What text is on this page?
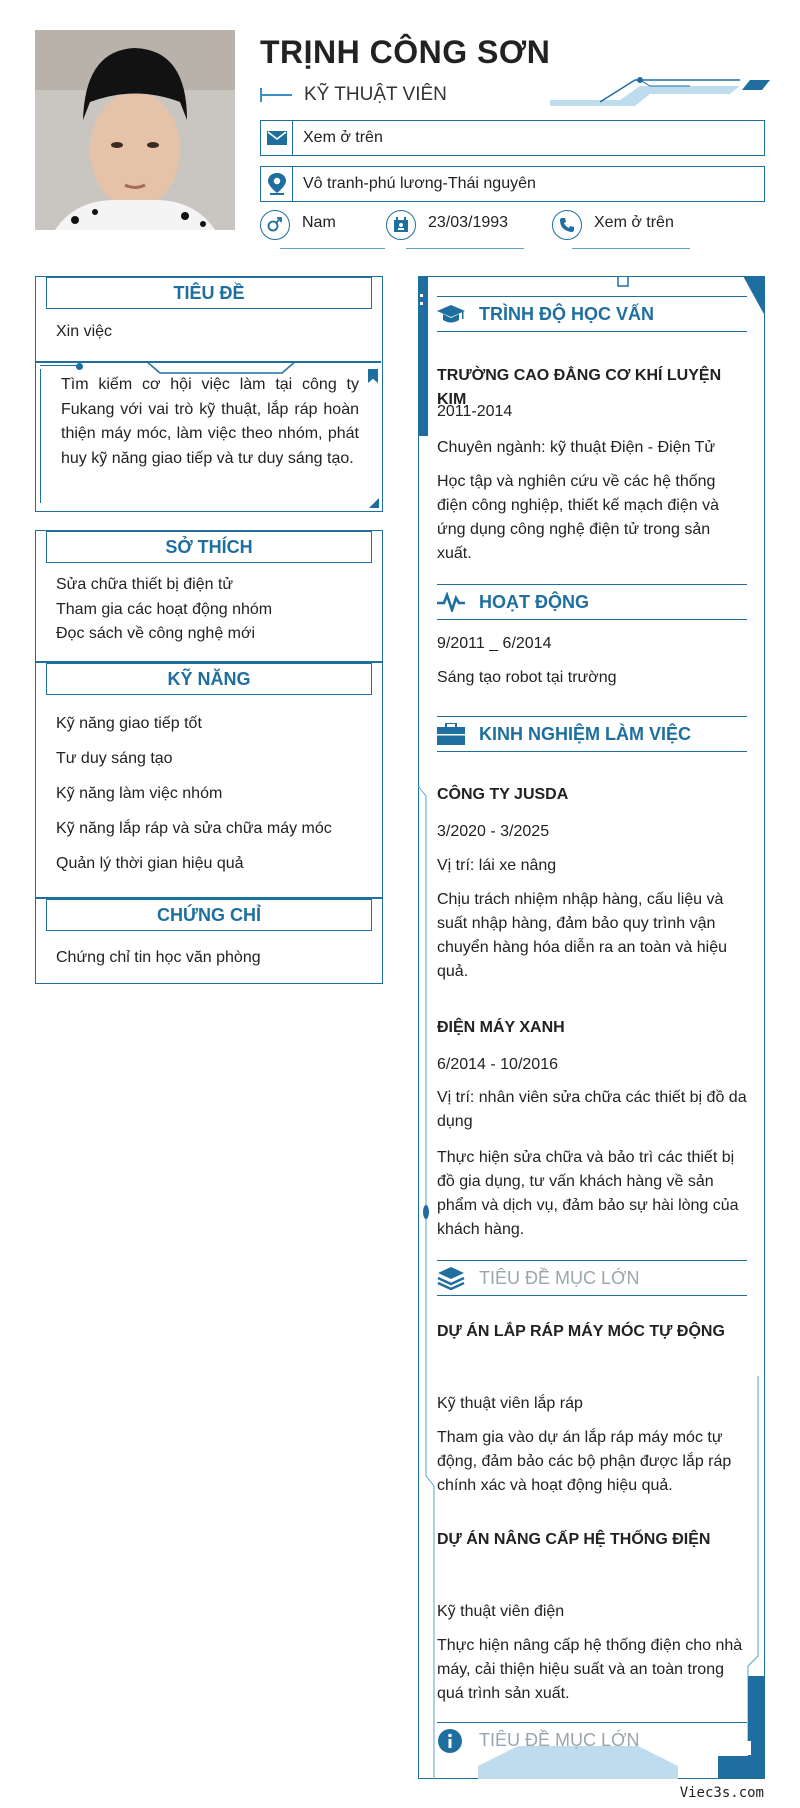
TRỊNH CÔNG SƠN
KỸ THUẬT VIÊN
Xem ở trên
Vô tranh-phú lương-Thái nguyên
Nam	23/03/1993	Xem ở trên
TIÊU ĐỀ
Xin việc
Tìm kiếm cơ hội việc làm tại công ty Fukang với vai trò kỹ thuật, lắp ráp hoàn thiện máy móc, làm việc theo nhóm, phát huy kỹ năng giao tiếp và tư duy sáng tạo.
SỞ THÍCH
Sửa chữa thiết bị điện tử
Tham gia các hoạt động nhóm
Đọc sách về công nghệ mới
KỸ NĂNG
Kỹ năng giao tiếp tốt
Tư duy sáng tạo
Kỹ năng làm việc nhóm
Kỹ năng lắp ráp và sửa chữa máy móc
Quản lý thời gian hiệu quả
CHỨNG CHỈ
Chứng chỉ tin học văn phòng
TRÌNH ĐỘ HỌC VẤN
TRƯỜNG CAO ĐẲNG CƠ KHÍ LUYỆN KIM
2011-2014
Chuyên ngành: kỹ thuật Điện - Điện Tử
Học tập và nghiên cứu về các hệ thống điện công nghiệp, thiết kế mạch điện và ứng dụng công nghệ điện tử trong sản xuất.
HOẠT ĐỘNG
9/2011 _ 6/2014
Sáng tạo robot tại trường
KINH NGHIỆM LÀM VIỆC
CÔNG TY JUSDA
3/2020 - 3/2025
Vị trí: lái xe nâng
Chịu trách nhiệm nhập hàng, cấu liệu và suất nhập hàng, đảm bảo quy trình vận chuyển hàng hóa diễn ra an toàn và hiệu quả.
ĐIỆN MÁY XANH
6/2014 - 10/2016
Vị trí: nhân viên sửa chữa các thiết bị đồ da dụng
Thực hiện sửa chữa và bảo trì các thiết bị đồ gia dụng, tư vấn khách hàng về sản phẩm và dịch vụ, đảm bảo sự hài lòng của khách hàng.
TIÊU ĐỀ MỤC LỚN
DỰ ÁN LẮP RÁP MÁY MÓC TỰ ĐỘNG
Kỹ thuật viên lắp ráp
Tham gia vào dự án lắp ráp máy móc tự động, đảm bảo các bộ phận được lắp ráp chính xác và hoạt động hiệu quả.
DỰ ÁN NÂNG CẤP HỆ THỐNG ĐIỆN
Kỹ thuật viên điện
Thực hiện nâng cấp hệ thống điện cho nhà máy, cải thiện hiệu suất và an toàn trong quá trình sản xuất.
TIÊU ĐỀ MỤC LỚN
Viec3s.com
